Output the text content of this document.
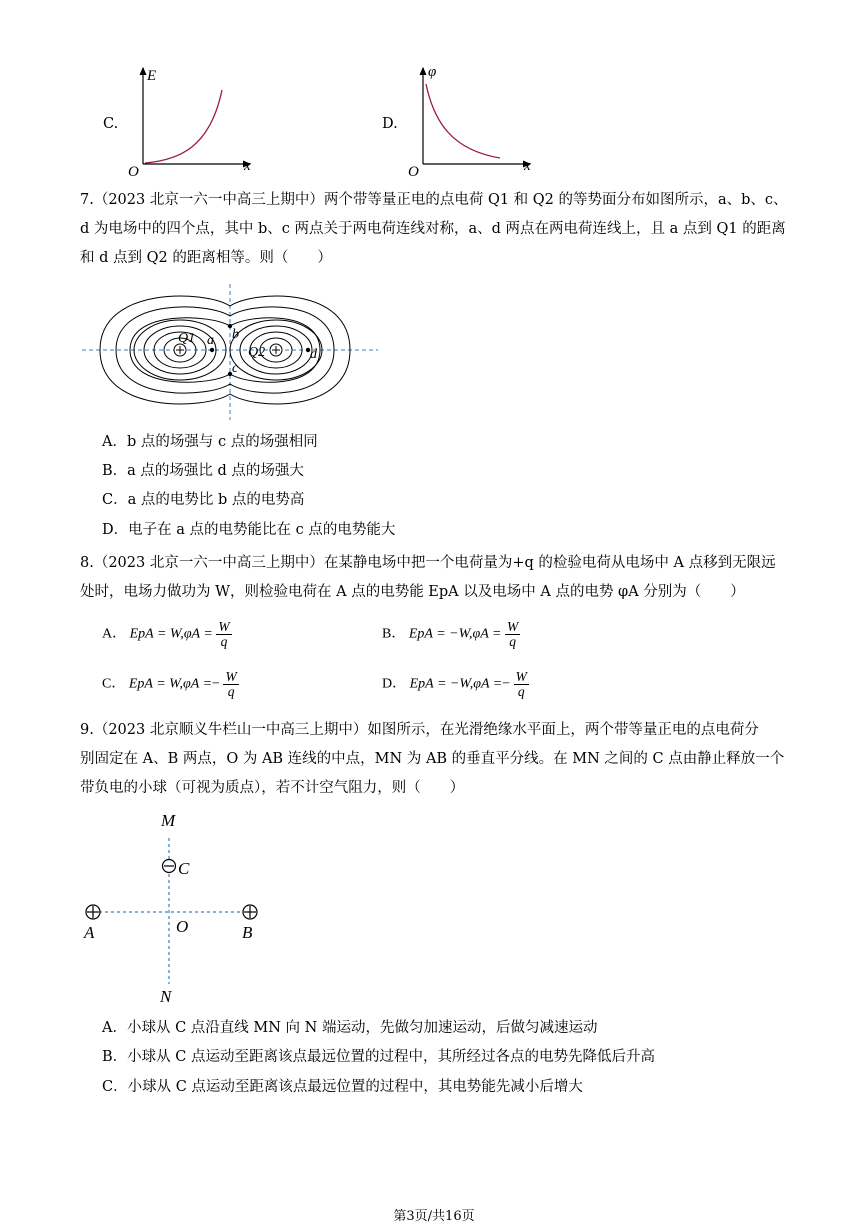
C.
E
x
O
D.
φ
x
O
7.（2023 北京一六一中高三上期中）两个带等量正电的点电荷 Q1 和 Q2 的等势面分布如图所示，a、b、c、
d 为电场中的四个点，其中 b、c 两点关于两电荷连线对称，a、d 两点在两电荷连线上，且 a 点到 Q1 的距离
和 d 点到 Q2 的距离相等。则（　　）
Q1
Q2
a b
c
d
A．b 点的场强与 c 点的场强相同
B．a 点的场强比 d 点的场强大
C．a 点的电势比 b 点的电势高
D．电子在 a 点的电势能比在 c 点的电势能大
8.（2023 北京一六一中高三上期中）在某静电场中把一个电荷量为+q 的检验电荷从电场中 A 点移到无限远
处时，电场力做功为 W，则检验电荷在 A 点的电势能 EpA 以及电场中 A 点的电势 φA 分别为（　　）
A． EpA = $W,\varphi A = \frac{W}{q}$	B． EpA = $-W,\varphi A = \frac{W}{q}$
C． EpA = $W,\varphi A =- \frac{W}{q}$	D． EpA = $-W,\varphi A =- \frac{W}{q}$
9.（2023 北京顺义牛栏山一中高三上期中）如图所示，在光滑绝缘水平面上，两个带等量正电的点电荷分
别固定在 A、B 两点，O 为 AB 连线的中点，MN 为 AB 的垂直平分线。在 MN 之间的 C 点由静止释放一个
带负电的小球（可视为质点），若不计空气阻力，则（　　）
M
N
C
A	B
O
A．小球从 C 点沿直线 MN 向 N 端运动，先做匀加速运动，后做匀减速运动
B．小球从 C 点运动至距离该点最远位置的过程中，其所经过各点的电势先降低后升高
C．小球从 C 点运动至距离该点最远位置的过程中，其电势能先减小后增大
第3页/共16页
